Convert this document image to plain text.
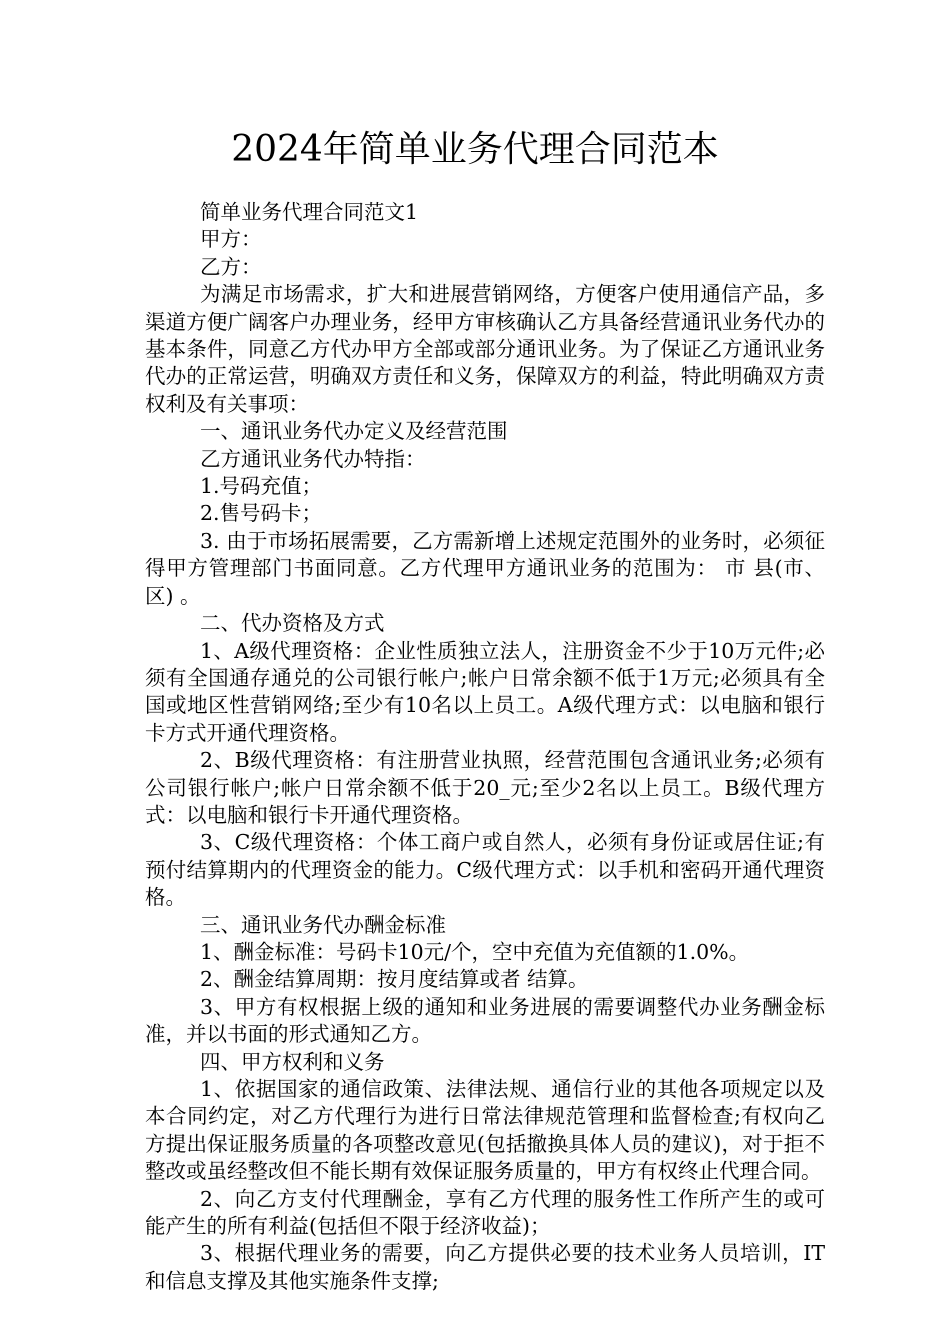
2024年简单业务代理合同范本

简单业务代理合同范文1

甲方：

乙方：

为满足市场需求，扩大和进展营销网络，方便客户使用通信产品，多渠道方便广阔客户办理业务，经甲方审核确认乙方具备经营通讯业务代办的基本条件，同意乙方代办甲方全部或部分通讯业务。为了保证乙方通讯业务代办的正常运营，明确双方责任和义务，保障双方的利益，特此明确双方责权利及有关事项：

一、通讯业务代办定义及经营范围

乙方通讯业务代办特指：

1.号码充值；

2.售号码卡；

3. 由于市场拓展需要，乙方需新增上述规定范围外的业务时，必须征得甲方管理部门书面同意。乙方代理甲方通讯业务的范围为： 市 县(市、区) 。

二、代办资格及方式

1、A级代理资格：企业性质独立法人，注册资金不少于10万元件;必须有全国通存通兑的公司银行帐户;帐户日常余额不低于1万元;必须具有全国或地区性营销网络;至少有10名以上员工。A级代理方式：以电脑和银行卡方式开通代理资格。

2、B级代理资格：有注册营业执照，经营范围包含通讯业务;必须有公司银行帐户;帐户日常余额不低于20_元;至少2名以上员工。B级代理方式：以电脑和银行卡开通代理资格。

3、C级代理资格：个体工商户或自然人，必须有身份证或居住证;有预付结算期内的代理资金的能力。C级代理方式：以手机和密码开通代理资格。

三、通讯业务代办酬金标准

1、酬金标准：号码卡10元/个，空中充值为充值额的1.0%。

2、酬金结算周期：按月度结算或者 结算。

3、甲方有权根据上级的通知和业务进展的需要调整代办业务酬金标准，并以书面的形式通知乙方。

四、甲方权利和义务

1、依据国家的通信政策、法律法规、通信行业的其他各项规定以及本合同约定，对乙方代理行为进行日常法律规范管理和监督检查;有权向乙方提出保证服务质量的各项整改意见(包括撤换具体人员的建议)，对于拒不整改或虽经整改但不能长期有效保证服务质量的，甲方有权终止代理合同。

2、向乙方支付代理酬金，享有乙方代理的服务性工作所产生的或可能产生的所有利益(包括但不限于经济收益)；

3、根据代理业务的需要，向乙方提供必要的技术业务人员培训，IT和信息支撑及其他实施条件支撑;
